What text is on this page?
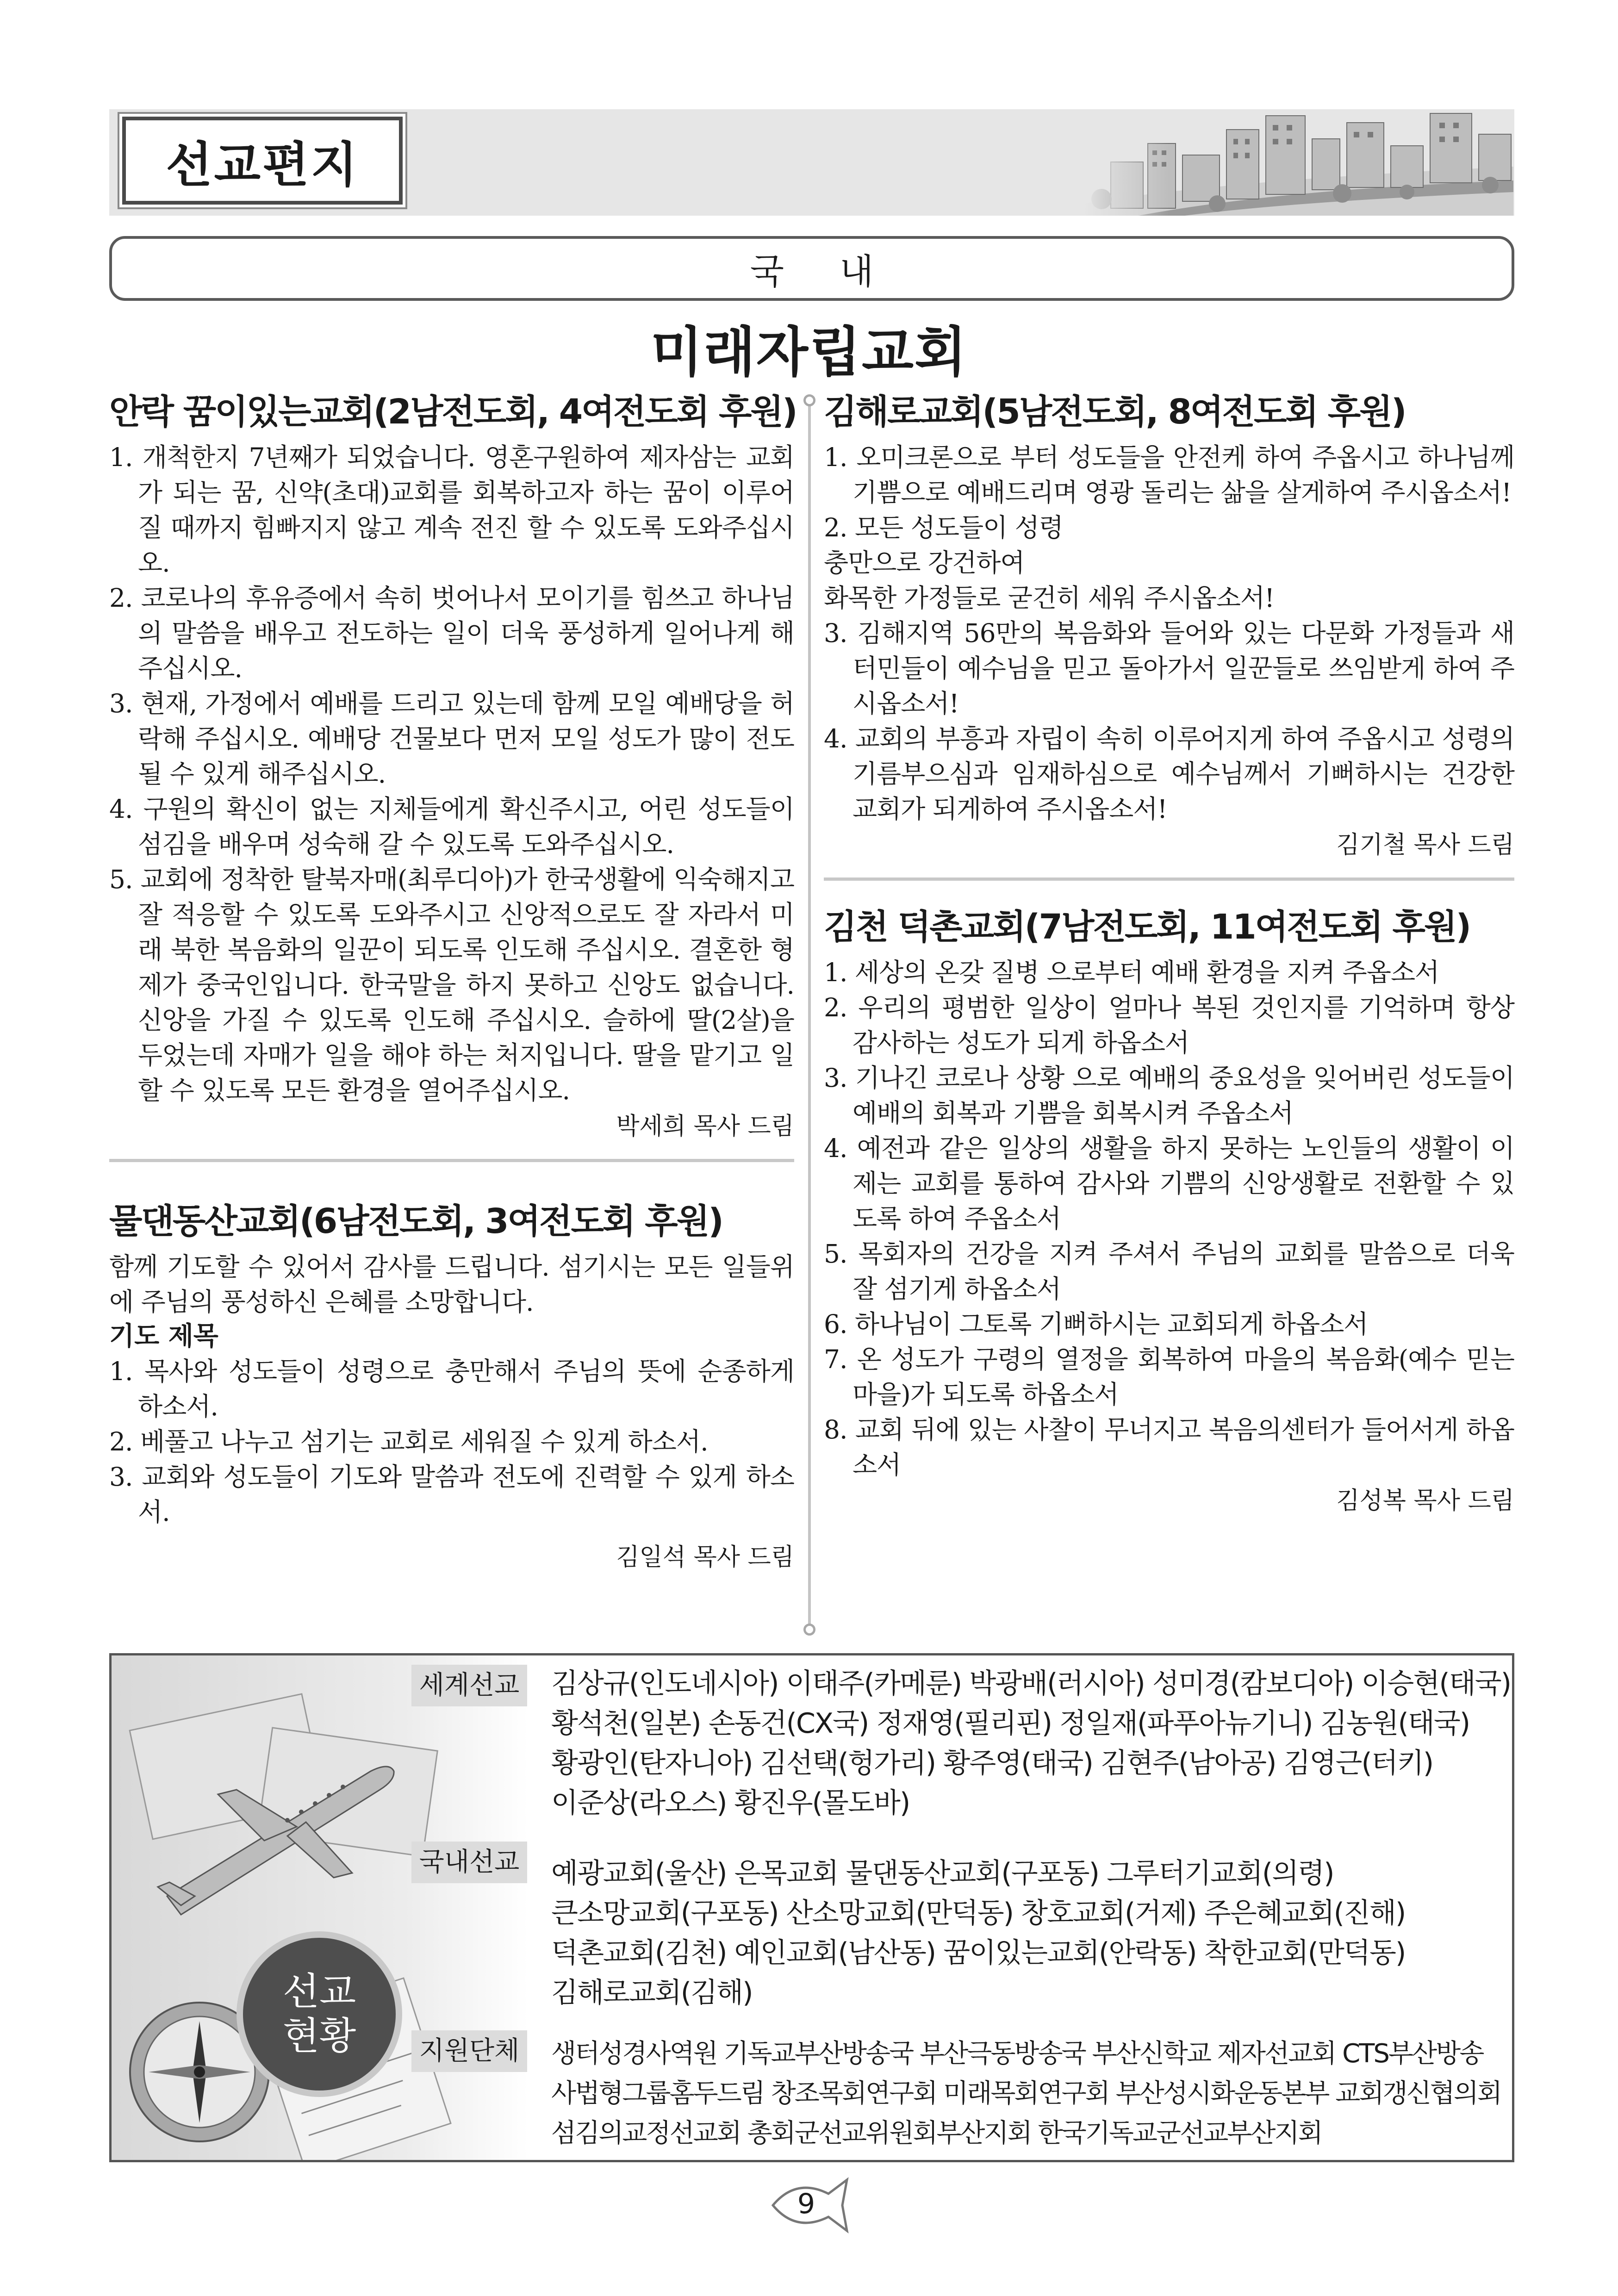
선교편지
국내
미래자립교회
안락 꿈이있는교회(2남전도회, 4여전도회 후원)
1. 개척한지 7년째가 되었습니다. 영혼구원하여 제자삼는 교회가 되는 꿈, 신약(초대)교회를 회복하고자 하는 꿈이 이루어질 때까지 힘빠지지 않고 계속 전진 할 수 있도록 도와주십시오.
2. 코로나의 후유증에서 속히 벗어나서 모이기를 힘쓰고 하나님의 말씀을 배우고 전도하는 일이 더욱 풍성하게 일어나게 해주십시오.
3. 현재, 가정에서 예배를 드리고 있는데 함께 모일 예배당을 허락해 주십시오. 예배당 건물보다 먼저 모일 성도가 많이 전도될 수 있게 해주십시오.
4. 구원의 확신이 없는 지체들에게 확신주시고, 어린 성도들이 섬김을 배우며 성숙해 갈 수 있도록 도와주십시오.
5. 교회에 정착한 탈북자매(최루디아)가 한국생활에 익숙해지고 잘 적응할 수 있도록 도와주시고 신앙적으로도 잘 자라서 미래 북한 복음화의 일꾼이 되도록 인도해 주십시오. 결혼한 형제가 중국인입니다. 한국말을 하지 못하고 신앙도 없습니다. 신앙을 가질 수 있도록 인도해 주십시오. 슬하에 딸(2살)을 두었는데 자매가 일을 해야 하는 처지입니다. 딸을 맡기고 일할 수 있도록 모든 환경을 열어주십시오.
박세희 목사 드림
물댄동산교회(6남전도회, 3여전도회 후원)
함께 기도할 수 있어서 감사를 드립니다. 섬기시는 모든 일들위에 주님의 풍성하신 은혜를 소망합니다.
기도 제목
1. 목사와 성도들이 성령으로 충만해서 주님의 뜻에 순종하게 하소서.
2. 베풀고 나누고 섬기는 교회로 세워질 수 있게 하소서.
3. 교회와 성도들이 기도와 말씀과 전도에 진력할 수 있게 하소서.
김일석 목사 드림
김해로교회(5남전도회, 8여전도회 후원)
1. 오미크론으로 부터 성도들을 안전케 하여 주옵시고 하나님께 기쁨으로 예배드리며 영광 돌리는 삶을 살게하여 주시옵소서!
2. 모든 성도들이 성령
충만으로 강건하여
화목한 가정들로 굳건히 세워 주시옵소서!
3. 김해지역 56만의 복음화와 들어와 있는 다문화 가정들과 새터민들이 예수님을 믿고 돌아가서 일꾼들로 쓰임받게 하여 주시옵소서!
4. 교회의 부흥과 자립이 속히 이루어지게 하여 주옵시고 성령의 기름부으심과 임재하심으로 예수님께서 기뻐하시는 건강한 교회가 되게하여 주시옵소서!
김기철 목사 드림
김천 덕촌교회(7남전도회, 11여전도회 후원)
1. 세상의 온갖 질병 으로부터 예배 환경을 지켜 주옵소서
2. 우리의 평범한 일상이 얼마나 복된 것인지를 기억하며 항상 감사하는 성도가 되게 하옵소서
3. 기나긴 코로나 상황 으로 예배의 중요성을 잊어버린 성도들이 예배의 회복과 기쁨을 회복시켜 주옵소서
4. 예전과 같은 일상의 생활을 하지 못하는 노인들의 생활이 이제는 교회를 통하여 감사와 기쁨의 신앙생활로 전환할 수 있도록 하여 주옵소서
5. 목회자의 건강을 지켜 주셔서 주님의 교회를 말씀으로 더욱 잘 섬기게 하옵소서
6. 하나님이 그토록 기뻐하시는 교회되게 하옵소서
7. 온 성도가 구령의 열정을 회복하여 마을의 복음화(예수 믿는 마을)가 되도록 하옵소서
8. 교회 뒤에 있는 사찰이 무너지고 복음의센터가 들어서게 하옵소서
김성복 목사 드림
선교
현황
세계선교 김상규(인도네시아) 이태주(카메룬) 박광배(러시아) 성미경(캄보디아) 이승현(태국)
황석천(일본) 손동건(CX국) 정재영(필리핀) 정일재(파푸아뉴기니) 김농원(태국)
황광인(탄자니아) 김선택(헝가리) 황주영(태국) 김현주(남아공) 김영근(터키)
이준상(라오스) 황진우(몰도바)
국내선교 예광교회(울산) 은목교회 물댄동산교회(구포동) 그루터기교회(의령)
큰소망교회(구포동) 산소망교회(만덕동) 창호교회(거제) 주은혜교회(진해)
덕촌교회(김천) 예인교회(남산동) 꿈이있는교회(안락동) 착한교회(만덕동)
김해로교회(김해)
지원단체	생터성경사역원 기독교부산방송국 부산극동방송국 부산신학교 제자선교회 CTS부산방송
사법형그룹홈두드림 창조목회연구회 미래목회연구회 부산성시화운동본부 교회갱신협의회
섬김의교정선교회 총회군선교위원회부산지회 한국기독교군선교부산지회
9
